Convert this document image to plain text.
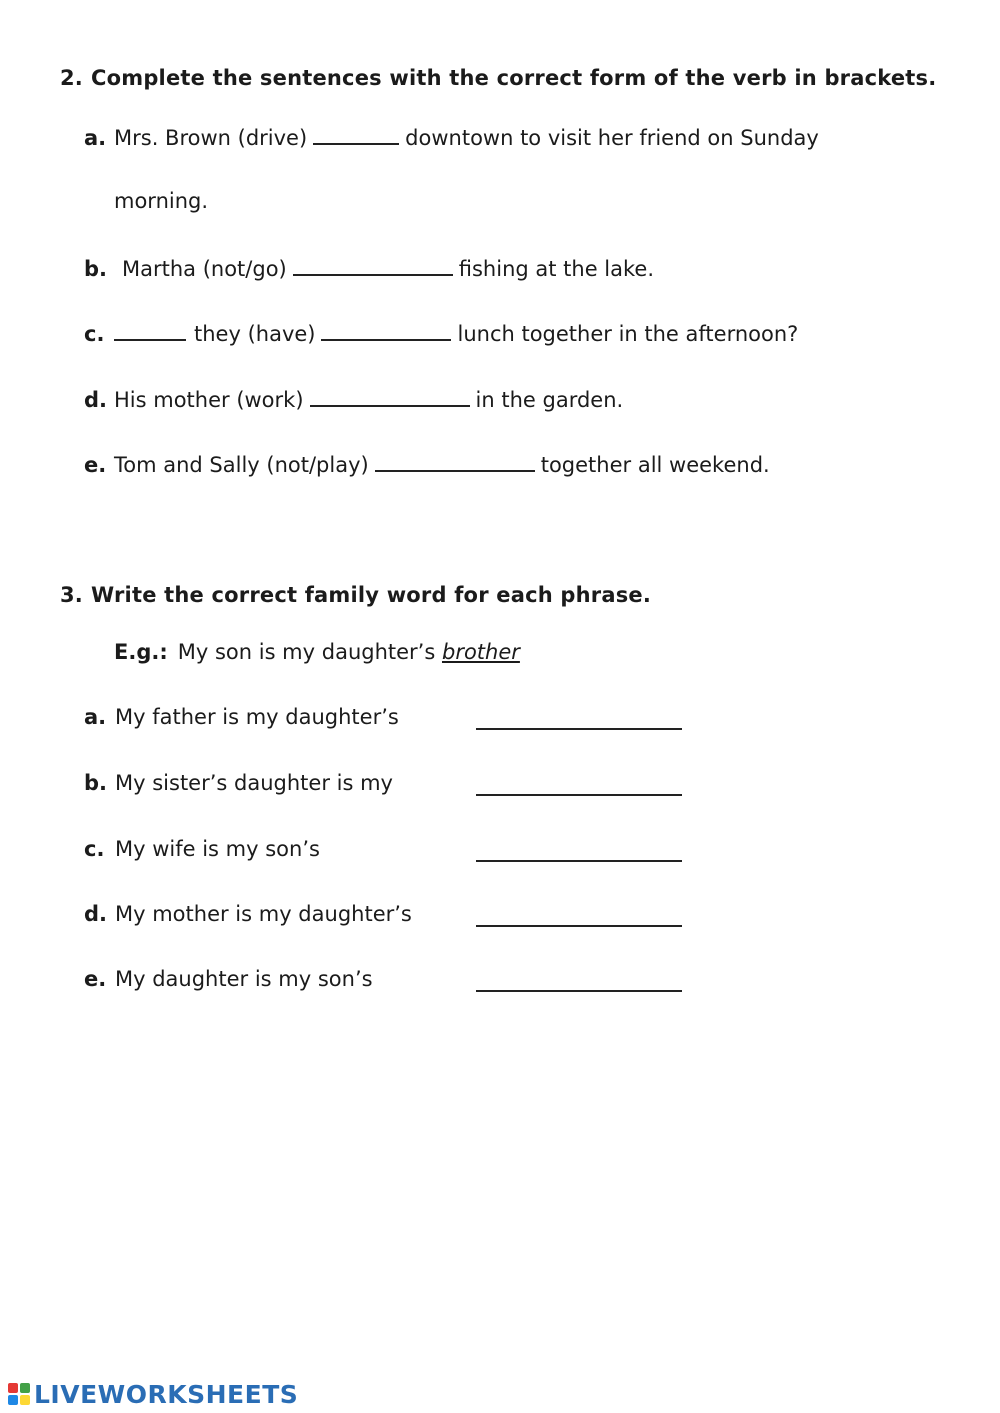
2. Complete the sentences with the correct form of the verb in brackets.
a. Mrs. Brown (drive)	downtown to visit her friend on Sunday
morning.
b. Martha (not/go)	fishing at the lake.
c.	they (have)	lunch together in the afternoon?
d. His mother (work)	in the garden.
e. Tom and Sally (not/play)	together all weekend.
3. Write the correct family word for each phrase.
E.g.: My son is my daughter’s brother
a. My father is my daughter’s
b. My sister’s daughter is my
c. My wife is my son’s
d. My mother is my daughter’s
e. My daughter is my son’s
LIVEWORKSHEETS
